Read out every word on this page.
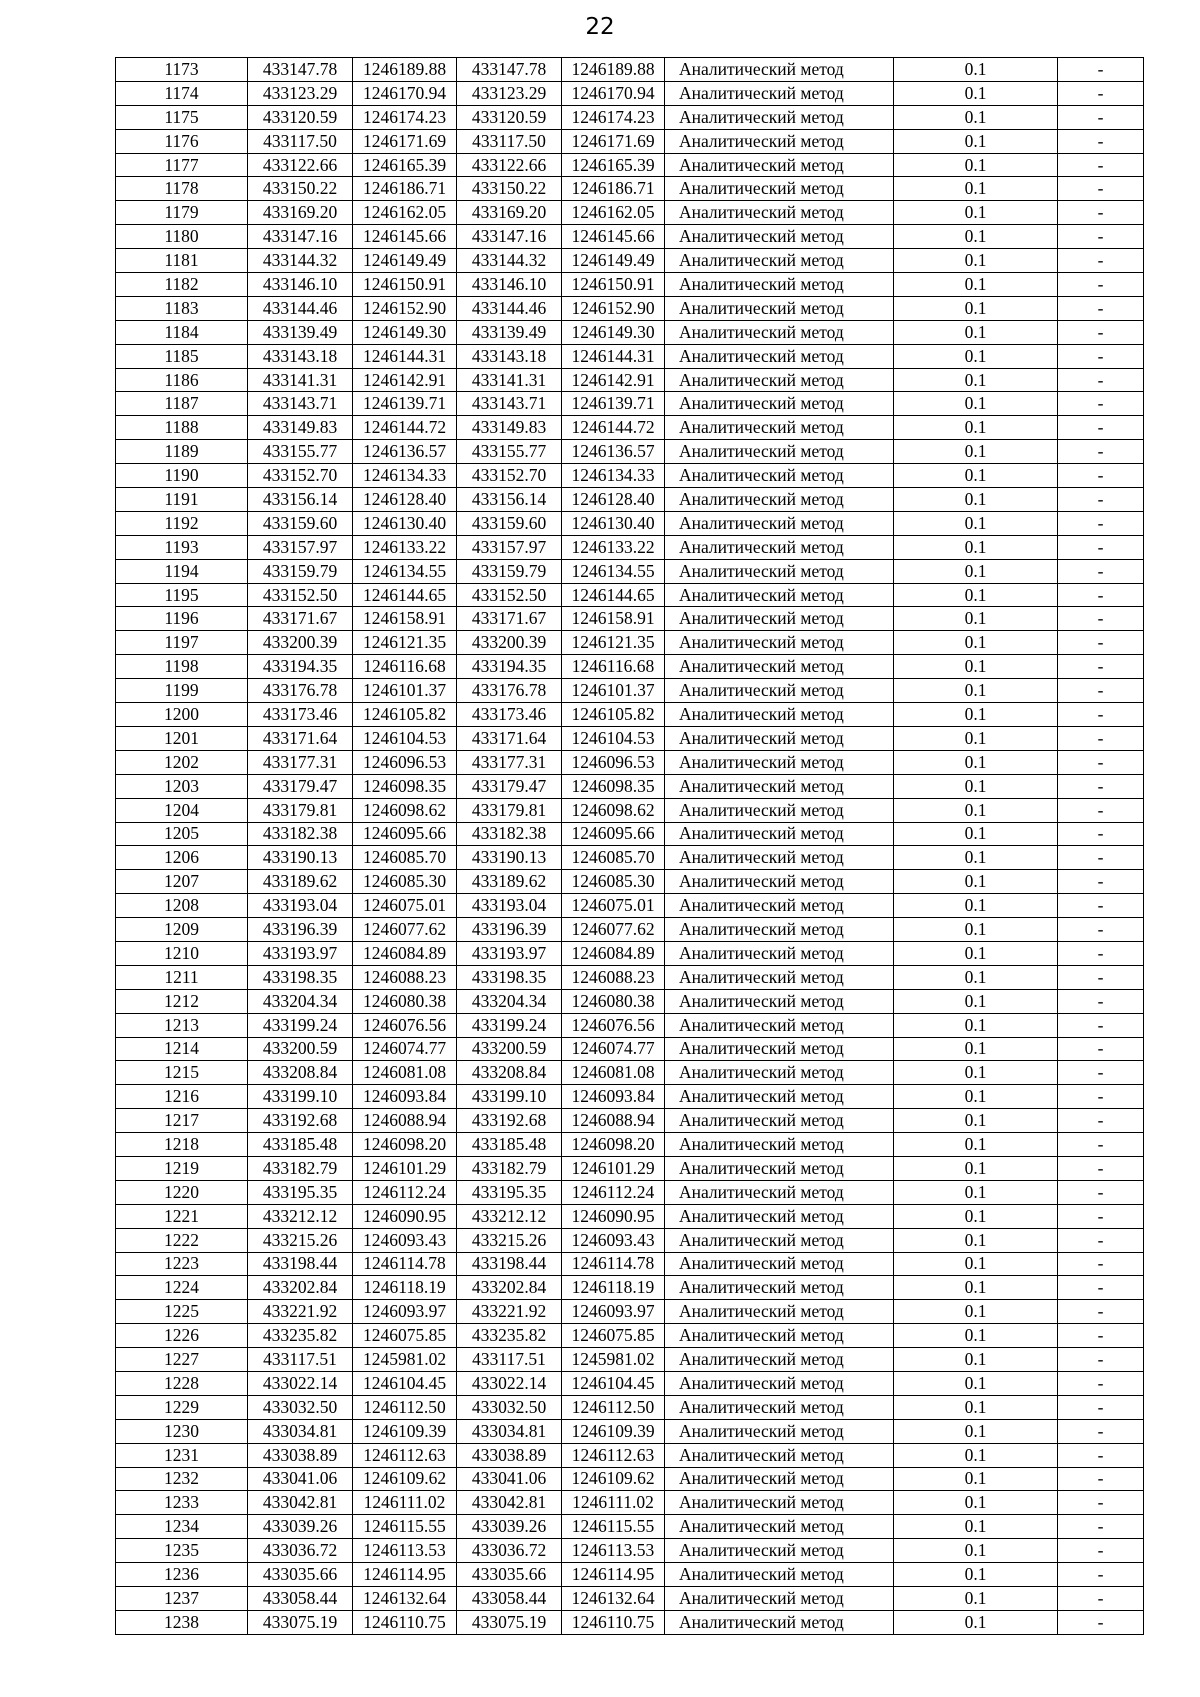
22
1173	433147.78	1246189.88	433147.78	1246189.88	Аналитический метод	0.1	-
1174	433123.29	1246170.94	433123.29	1246170.94	Аналитический метод	0.1	-
1175	433120.59	1246174.23	433120.59	1246174.23	Аналитический метод	0.1	-
1176	433117.50	1246171.69	433117.50	1246171.69	Аналитический метод	0.1	-
1177	433122.66	1246165.39	433122.66	1246165.39	Аналитический метод	0.1	-
1178	433150.22	1246186.71	433150.22	1246186.71	Аналитический метод	0.1	-
1179	433169.20	1246162.05	433169.20	1246162.05	Аналитический метод	0.1	-
1180	433147.16	1246145.66	433147.16	1246145.66	Аналитический метод	0.1	-
1181	433144.32	1246149.49	433144.32	1246149.49	Аналитический метод	0.1	-
1182	433146.10	1246150.91	433146.10	1246150.91	Аналитический метод	0.1	-
1183	433144.46	1246152.90	433144.46	1246152.90	Аналитический метод	0.1	-
1184	433139.49	1246149.30	433139.49	1246149.30	Аналитический метод	0.1	-
1185	433143.18	1246144.31	433143.18	1246144.31	Аналитический метод	0.1	-
1186	433141.31	1246142.91	433141.31	1246142.91	Аналитический метод	0.1	-
1187	433143.71	1246139.71	433143.71	1246139.71	Аналитический метод	0.1	-
1188	433149.83	1246144.72	433149.83	1246144.72	Аналитический метод	0.1	-
1189	433155.77	1246136.57	433155.77	1246136.57	Аналитический метод	0.1	-
1190	433152.70	1246134.33	433152.70	1246134.33	Аналитический метод	0.1	-
1191	433156.14	1246128.40	433156.14	1246128.40	Аналитический метод	0.1	-
1192	433159.60	1246130.40	433159.60	1246130.40	Аналитический метод	0.1	-
1193	433157.97	1246133.22	433157.97	1246133.22	Аналитический метод	0.1	-
1194	433159.79	1246134.55	433159.79	1246134.55	Аналитический метод	0.1	-
1195	433152.50	1246144.65	433152.50	1246144.65	Аналитический метод	0.1	-
1196	433171.67	1246158.91	433171.67	1246158.91	Аналитический метод	0.1	-
1197	433200.39	1246121.35	433200.39	1246121.35	Аналитический метод	0.1	-
1198	433194.35	1246116.68	433194.35	1246116.68	Аналитический метод	0.1	-
1199	433176.78	1246101.37	433176.78	1246101.37	Аналитический метод	0.1	-
1200	433173.46	1246105.82	433173.46	1246105.82	Аналитический метод	0.1	-
1201	433171.64	1246104.53	433171.64	1246104.53	Аналитический метод	0.1	-
1202	433177.31	1246096.53	433177.31	1246096.53	Аналитический метод	0.1	-
1203	433179.47	1246098.35	433179.47	1246098.35	Аналитический метод	0.1	-
1204	433179.81	1246098.62	433179.81	1246098.62	Аналитический метод	0.1	-
1205	433182.38	1246095.66	433182.38	1246095.66	Аналитический метод	0.1	-
1206	433190.13	1246085.70	433190.13	1246085.70	Аналитический метод	0.1	-
1207	433189.62	1246085.30	433189.62	1246085.30	Аналитический метод	0.1	-
1208	433193.04	1246075.01	433193.04	1246075.01	Аналитический метод	0.1	-
1209	433196.39	1246077.62	433196.39	1246077.62	Аналитический метод	0.1	-
1210	433193.97	1246084.89	433193.97	1246084.89	Аналитический метод	0.1	-
1211	433198.35	1246088.23	433198.35	1246088.23	Аналитический метод	0.1	-
1212	433204.34	1246080.38	433204.34	1246080.38	Аналитический метод	0.1	-
1213	433199.24	1246076.56	433199.24	1246076.56	Аналитический метод	0.1	-
1214	433200.59	1246074.77	433200.59	1246074.77	Аналитический метод	0.1	-
1215	433208.84	1246081.08	433208.84	1246081.08	Аналитический метод	0.1	-
1216	433199.10	1246093.84	433199.10	1246093.84	Аналитический метод	0.1	-
1217	433192.68	1246088.94	433192.68	1246088.94	Аналитический метод	0.1	-
1218	433185.48	1246098.20	433185.48	1246098.20	Аналитический метод	0.1	-
1219	433182.79	1246101.29	433182.79	1246101.29	Аналитический метод	0.1	-
1220	433195.35	1246112.24	433195.35	1246112.24	Аналитический метод	0.1	-
1221	433212.12	1246090.95	433212.12	1246090.95	Аналитический метод	0.1	-
1222	433215.26	1246093.43	433215.26	1246093.43	Аналитический метод	0.1	-
1223	433198.44	1246114.78	433198.44	1246114.78	Аналитический метод	0.1	-
1224	433202.84	1246118.19	433202.84	1246118.19	Аналитический метод	0.1	-
1225	433221.92	1246093.97	433221.92	1246093.97	Аналитический метод	0.1	-
1226	433235.82	1246075.85	433235.82	1246075.85	Аналитический метод	0.1	-
1227	433117.51	1245981.02	433117.51	1245981.02	Аналитический метод	0.1	-
1228	433022.14	1246104.45	433022.14	1246104.45	Аналитический метод	0.1	-
1229	433032.50	1246112.50	433032.50	1246112.50	Аналитический метод	0.1	-
1230	433034.81	1246109.39	433034.81	1246109.39	Аналитический метод	0.1	-
1231	433038.89	1246112.63	433038.89	1246112.63	Аналитический метод	0.1	-
1232	433041.06	1246109.62	433041.06	1246109.62	Аналитический метод	0.1	-
1233	433042.81	1246111.02	433042.81	1246111.02	Аналитический метод	0.1	-
1234	433039.26	1246115.55	433039.26	1246115.55	Аналитический метод	0.1	-
1235	433036.72	1246113.53	433036.72	1246113.53	Аналитический метод	0.1	-
1236	433035.66	1246114.95	433035.66	1246114.95	Аналитический метод	0.1	-
1237	433058.44	1246132.64	433058.44	1246132.64	Аналитический метод	0.1	-
1238	433075.19	1246110.75	433075.19	1246110.75	Аналитический метод	0.1	-
